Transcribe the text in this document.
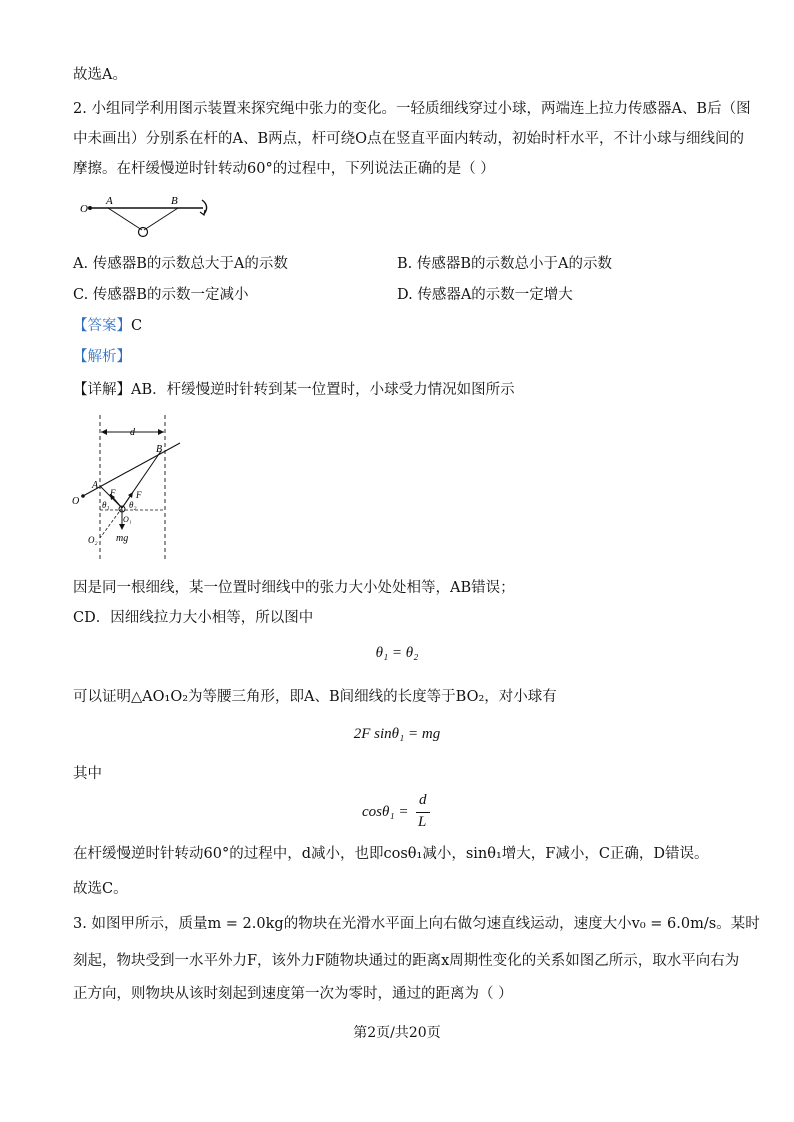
故选A。
2. 小组同学利用图示装置来探究绳中张力的变化。一轻质细线穿过小球，两端连上拉力传感器A、B后（图
中未画出）分别系在杆的A、B两点，杆可绕O点在竖直平面内转动，初始时杆水平，不计小球与细线间的
摩擦。在杆缓慢逆时针转动60°的过程中，下列说法正确的是（ ）
O
A	B
A. 传感器B的示数总大于A的示数	B. 传感器B的示数总小于A的示数
C. 传感器B的示数一定减小	D. 传感器A的示数一定增大
【答案】C
【解析】
【详解】AB．杆缓慢逆时针转到某一位置时，小球受力情况如图所示
d
B
A
O
F F
θ₁ θ₂
O₁
O₂ mg
因是同一根细线，某一位置时细线中的张力大小处处相等，AB错误；
CD．因细线拉力大小相等，所以图中
θ₁ = θ₂
可以证明△AO₁O₂为等腰三角形，即A、B间细线的长度等于BO₂，对小球有
2F sinθ₁ = mg
其中
cosθ₁ =
d
L
在杆缓慢逆时针转动60°的过程中，d减小，也即cosθ₁减小，sinθ₁增大，F减小，C正确，D错误。
故选C。
3. 如图甲所示，质量m = 2.0kg的物块在光滑水平面上向右做匀速直线运动，速度大小v₀ = 6.0m/s。某时
刻起，物块受到一水平外力F，该外力F随物块通过的距离x周期性变化的关系如图乙所示，取水平向右为
正方向，则物块从该时刻起到速度第一次为零时，通过的距离为（ ）
第2页/共20页
